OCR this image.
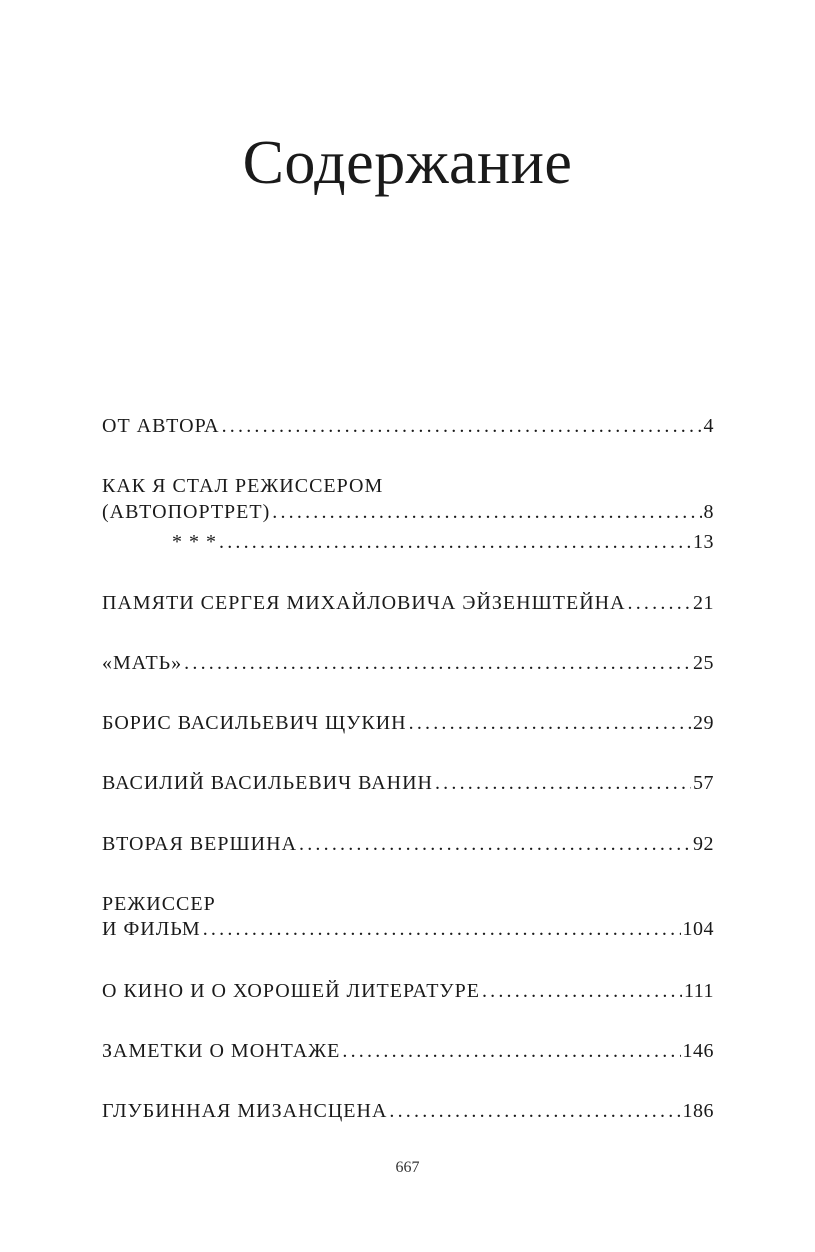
Содержание
ОТ АВТОРА .....	4
КАК Я СТАЛ РЕЖИССЕРОМ
(АВТОПОРТРЕТ) .....	8
* * * .....	13
ПАМЯТИ СЕРГЕЯ МИХАЙЛОВИЧА ЭЙЗЕНШТЕЙНА .....	21
«МАТЬ» .....	25
БОРИС ВАСИЛЬЕВИЧ ЩУКИН .....	29
ВАСИЛИЙ ВАСИЛЬЕВИЧ ВАНИН .....	57
ВТОРАЯ ВЕРШИНА .....	92
РЕЖИССЕР
И ФИЛЬМ .....	104
О КИНО И О ХОРОШЕЙ ЛИТЕРАТУРЕ .....	111
ЗАМЕТКИ О МОНТАЖЕ .....	146
ГЛУБИННАЯ МИЗАНСЦЕНА .....	186
667
